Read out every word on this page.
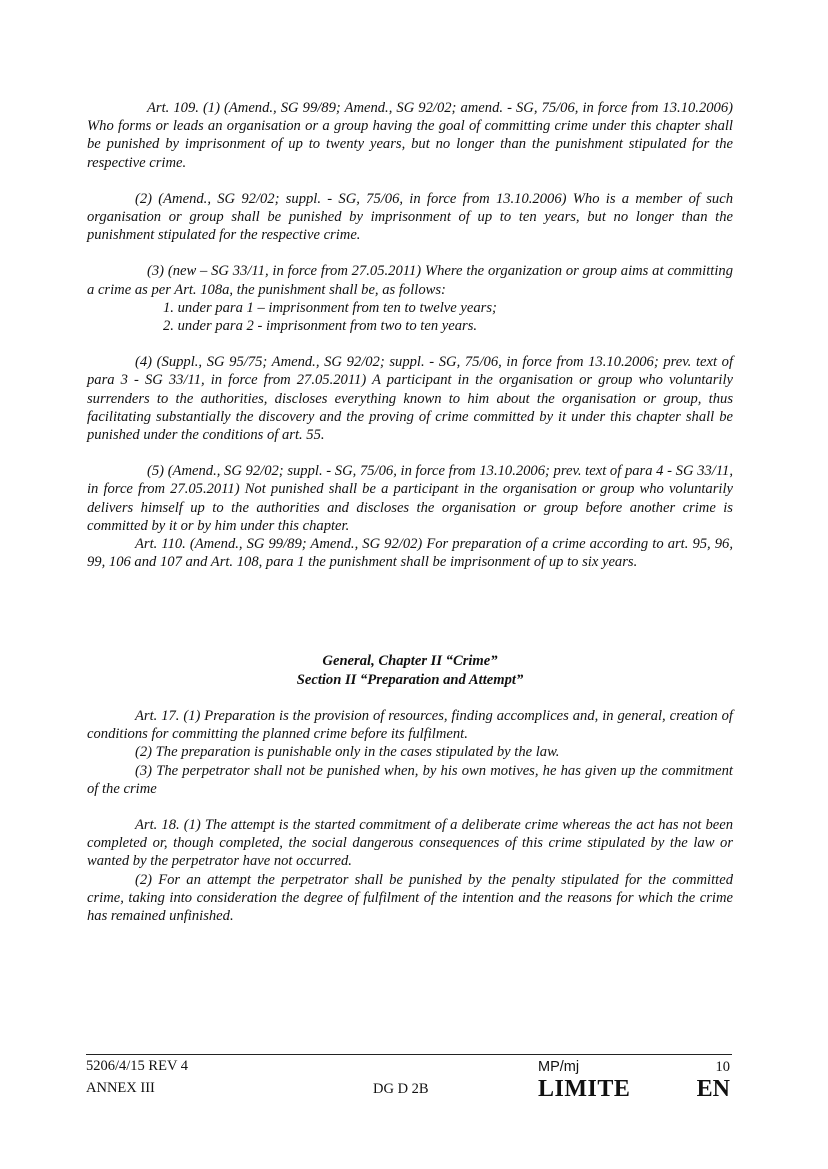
Art. 109. (1) (Amend., SG 99/89; Amend., SG 92/02; amend. - SG, 75/06, in force from 13.10.2006) Who forms or leads an organisation or a group having the goal of committing crime under this chapter shall be punished by imprisonment of up to twenty years, but no longer than the punishment stipulated for the respective crime.

(2) (Amend., SG 92/02; suppl. - SG, 75/06, in force from 13.10.2006) Who is a member of such organisation or group shall be punished by imprisonment of up to ten years, but no longer than the punishment stipulated for the respective crime.

(3) (new – SG 33/11, in force from 27.05.2011) Where the organization or group aims at committing a crime as per Art. 108a, the punishment shall be, as follows:

1. under para 1 – imprisonment from ten to twelve years;

2. under para 2 - imprisonment from two to ten years.

(4) (Suppl., SG 95/75; Amend., SG 92/02; suppl. - SG, 75/06, in force from 13.10.2006; prev. text of para 3 - SG 33/11, in force from 27.05.2011) A participant in the organisation or group who voluntarily surrenders to the authorities, discloses everything known to him about the organisation or group, thus facilitating substantially the discovery and the proving of crime committed by it under this chapter shall be punished under the conditions of art. 55.

(5) (Amend., SG 92/02; suppl. - SG, 75/06, in force from 13.10.2006; prev. text of para 4 - SG 33/11, in force from 27.05.2011) Not punished shall be a participant in the organisation or group who voluntarily delivers himself up to the authorities and discloses the organisation or group before another crime is committed by it or by him under this chapter.

Art. 110. (Amend., SG 99/89; Amend., SG 92/02) For preparation of a crime according to art. 95, 96, 99, 106 and 107 and Art. 108, para 1 the punishment shall be imprisonment of up to six years.

General, Chapter II “Crime”
Section II “Preparation and Attempt”

Art. 17. (1) Preparation is the provision of resources, finding accomplices and, in general, creation of conditions for committing the planned crime before its fulfilment.

(2) The preparation is punishable only in the cases stipulated by the law.

(3) The perpetrator shall not be punished when, by his own motives, he has given up the commitment of the crime

Art. 18. (1) The attempt is the started commitment of a deliberate crime whereas the act has not been completed or, though completed, the social dangerous consequences of this crime stipulated by the law or wanted by the perpetrator have not occurred.

(2) For an attempt the perpetrator shall be punished by the penalty stipulated for the committed crime, taking into consideration the degree of fulfilment of the intention and the reasons for which the crime has remained unfinished.

5206/4/15 REV 4
ANNEX III	DG D 2B
MP/mj	10
LIMITE	EN
